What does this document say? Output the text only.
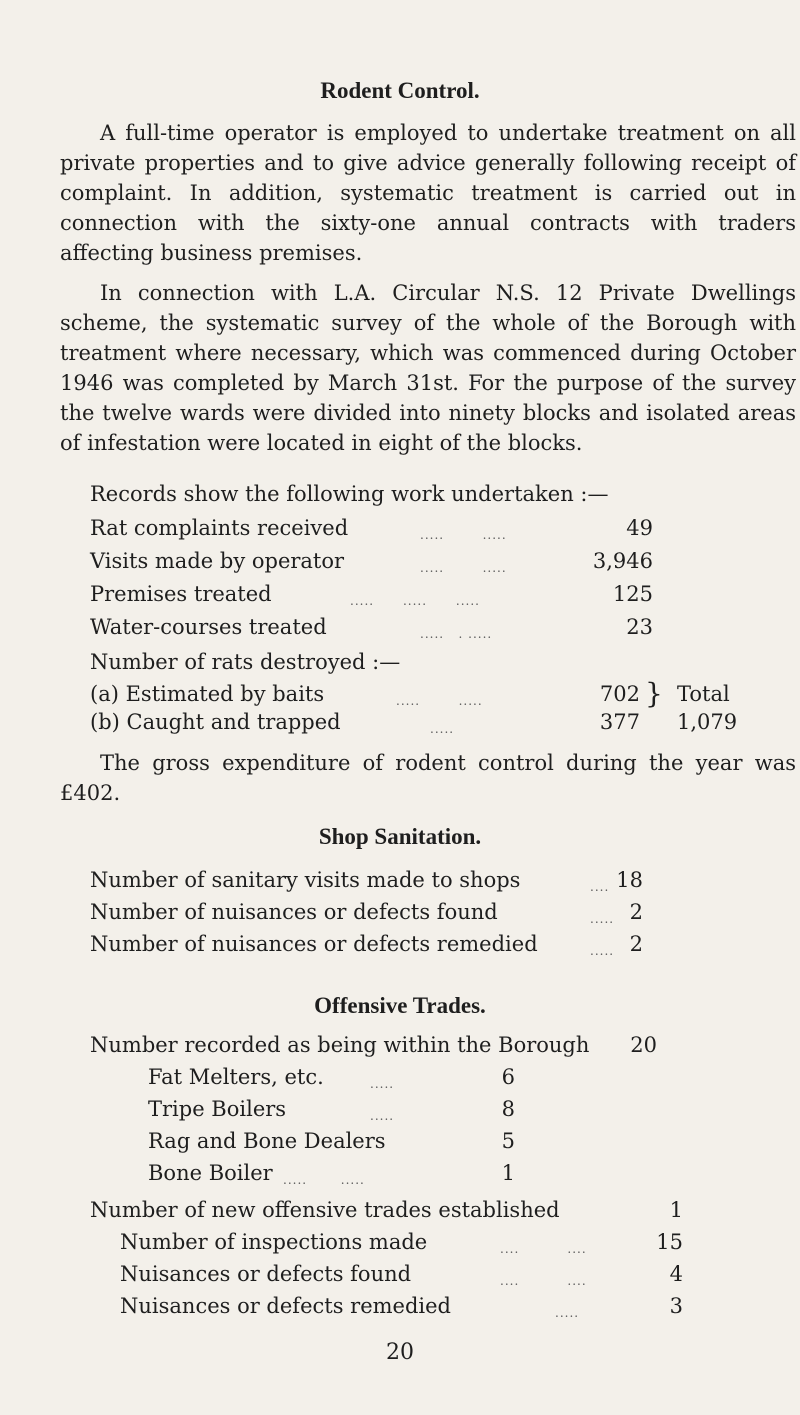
Rodent Control.

A full-time operator is employed to undertake treatment on all private properties and to give advice generally following receipt of complaint. In addition, systematic treatment is carried out in connection with the sixty-one annual contracts with traders affecting business premises.

In connection with L.A. Circular N.S. 12 Private Dwellings scheme, the systematic survey of the whole of the Borough with treatment where necessary, which was commenced during October 1946 was completed by March 31st. For the purpose of the survey the twelve wards were divided into ninety blocks and isolated areas of infestation were located in eight of the blocks.

Records show the following work undertaken :—
Rat complaints received	.....        .....	49
Visits made by operator	.....        .....	3,946
Premises treated	.....      .....      .....	125
Water-courses treated	.....   . .....	23
Number of rats destroyed :—
(a) Estimated by baits	.....        .....	702
(b) Caught and trapped	.....	377
} Total
1,079

The gross expenditure of rodent control during the year was £402.

Shop Sanitation.
Number of sanitary visits made to shops	.... 18
Number of nuisances or defects found	..... 2
Number of nuisances or defects remedied	..... 2
Offensive Trades.
Number recorded as being within the Borough 20
Fat Melters, etc.	.....	6
Tripe Boilers	.....	8
Rag and Bone Dealers	5
Bone Boiler .....       .....	1
Number of new offensive trades established	1
Number of inspections made	....          ....	15
Nuisances or defects found	....          ....	4
Nuisances or defects remedied	.....	3

20
